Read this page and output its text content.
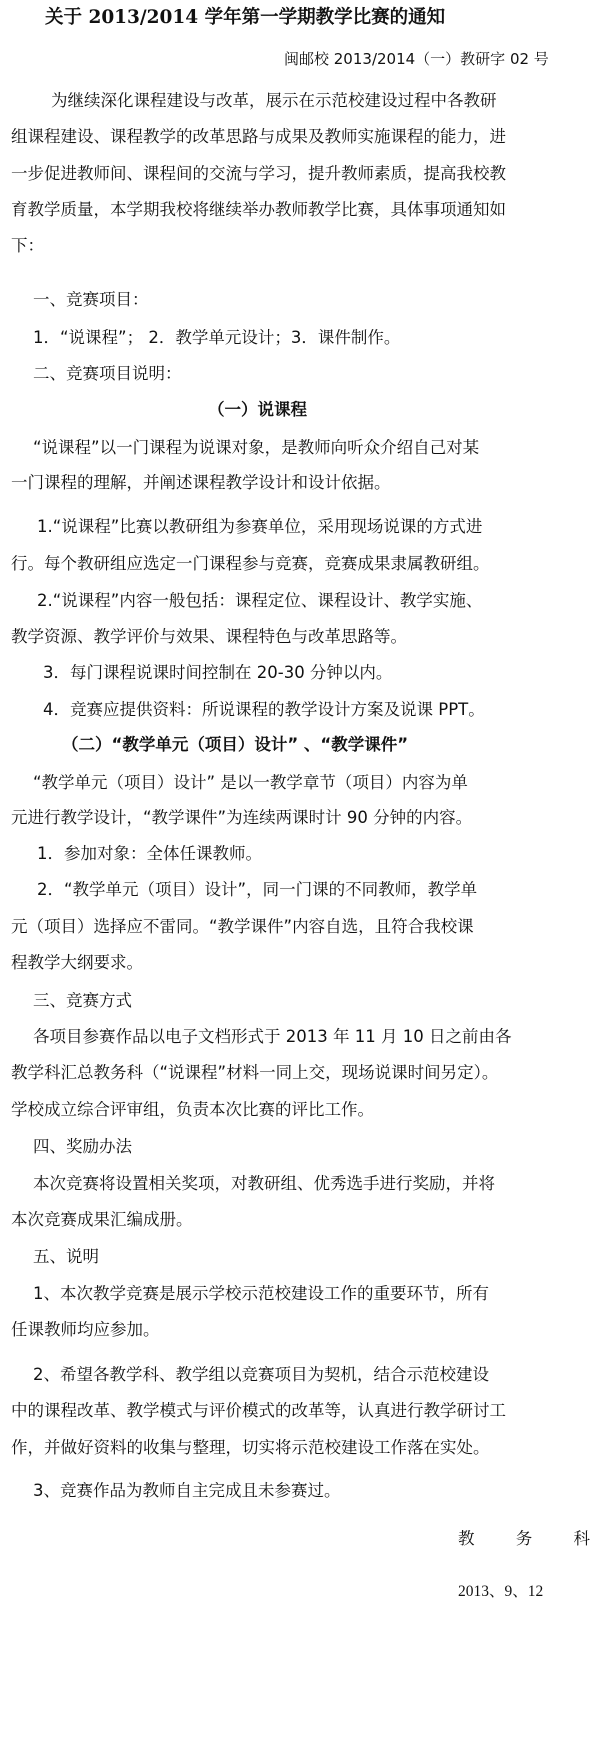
关于 2013/2014 学年第一学期教学比赛的通知
闽邮校 2013/2014（一）教研字 02 号
为继续深化课程建设与改革，展示在示范校建设过程中各教研
组课程建设、课程教学的改革思路与成果及教师实施课程的能力，进
一步促进教师间、课程间的交流与学习，提升教师素质，提高我校教
育教学质量，本学期我校将继续举办教师教学比赛，具体事项通知如
下：
一、竞赛项目：
1．“说课程”； 2．教学单元设计；3．课件制作。
二、竞赛项目说明：
（一）说课程
“说课程”以一门课程为说课对象，是教师向听众介绍自己对某
一门课程的理解，并阐述课程教学设计和设计依据。
1.“说课程”比赛以教研组为参赛单位，采用现场说课的方式进
行。每个教研组应选定一门课程参与竞赛，竞赛成果隶属教研组。
2.“说课程”内容一般包括：课程定位、课程设计、教学实施、
教学资源、教学评价与效果、课程特色与改革思路等。
3．每门课程说课时间控制在 20-30 分钟以内。
4．竞赛应提供资料：所说课程的教学设计方案及说课 PPT。
（二）“教学单元（项目）设计” 、“教学课件”
“教学单元（项目）设计” 是以一教学章节（项目）内容为单
元进行教学设计，“教学课件”为连续两课时计 90 分钟的内容。
1．参加对象：全体任课教师。
2．“教学单元（项目）设计”，同一门课的不同教师，教学单
元（项目）选择应不雷同。“教学课件”内容自选，且符合我校课
程教学大纲要求。
三、竞赛方式
各项目参赛作品以电子文档形式于 2013 年 11 月 10 日之前由各
教学科汇总教务科（“说课程”材料一同上交，现场说课时间另定）。
学校成立综合评审组，负责本次比赛的评比工作。
四、奖励办法
本次竞赛将设置相关奖项，对教研组、优秀选手进行奖励，并将
本次竞赛成果汇编成册。
五、说明
1、本次教学竞赛是展示学校示范校建设工作的重要环节，所有
任课教师均应参加。
2、希望各教学科、教学组以竞赛项目为契机，结合示范校建设
中的课程改革、教学模式与评价模式的改革等，认真进行教学研讨工
作，并做好资料的收集与整理，切实将示范校建设工作落在实处。
3、竞赛作品为教师自主完成且未参赛过。
教 务 科
2013、9、12
